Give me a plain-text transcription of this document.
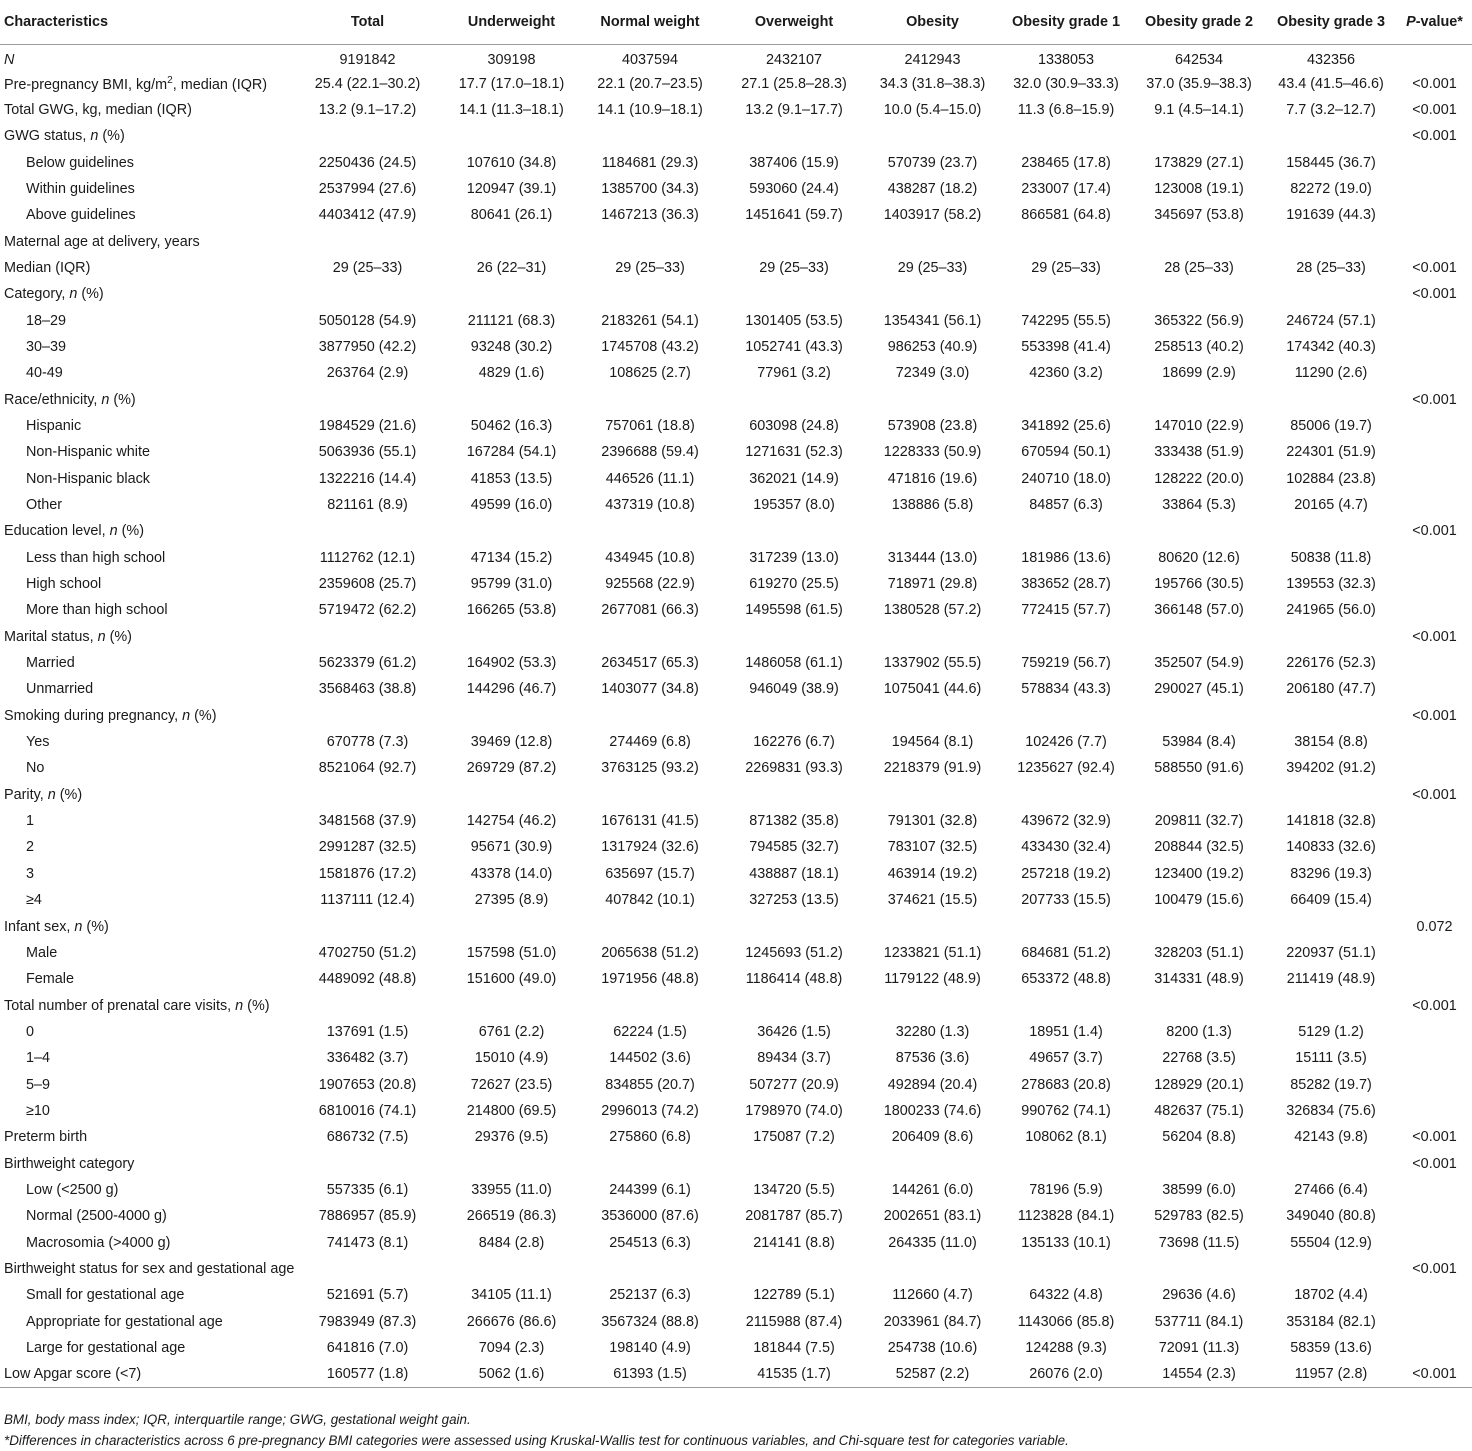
Characteristics	Total	Underweight	Normal weight	Overweight	Obesity	Obesity grade 1	Obesity grade 2	Obesity grade 3	P-value*
N	9191842	309198	4037594	2432107	2412943	1338053	642534	432356	
Pre-pregnancy BMI, $kg/m^2$, median (IQR)	25.4 (22.1–30.2)	17.7 (17.0–18.1)	22.1 (20.7–23.5)	27.1 (25.8–28.3)	34.3 (31.8–38.3)	32.0 (30.9–33.3)	37.0 (35.9–38.3)	43.4 (41.5–46.6)	<0.001
Total GWG, kg, median (IQR)	13.2 (9.1–17.2)	14.1 (11.3–18.1)	14.1 (10.9–18.1)	13.2 (9.1–17.7)	10.0 (5.4–15.0)	11.3 (6.8–15.9)	9.1 (4.5–14.1)	7.7 (3.2–12.7)	<0.001
GWG status, n (%)									<0.001
Below guidelines	2250436 (24.5)	107610 (34.8)	1184681 (29.3)	387406 (15.9)	570739 (23.7)	238465 (17.8)	173829 (27.1)	158445 (36.7)	
Within guidelines	2537994 (27.6)	120947 (39.1)	1385700 (34.3)	593060 (24.4)	438287 (18.2)	233007 (17.4)	123008 (19.1)	82272 (19.0)	
Above guidelines	4403412 (47.9)	80641 (26.1)	1467213 (36.3)	1451641 (59.7)	1403917 (58.2)	866581 (64.8)	345697 (53.8)	191639 (44.3)	
Maternal age at delivery, years									
Median (IQR)	29 (25–33)	26 (22–31)	29 (25–33)	29 (25–33)	29 (25–33)	29 (25–33)	28 (25–33)	28 (25–33)	<0.001
Category, n (%)									<0.001
18–29	5050128 (54.9)	211121 (68.3)	2183261 (54.1)	1301405 (53.5)	1354341 (56.1)	742295 (55.5)	365322 (56.9)	246724 (57.1)	
30–39	3877950 (42.2)	93248 (30.2)	1745708 (43.2)	1052741 (43.3)	986253 (40.9)	553398 (41.4)	258513 (40.2)	174342 (40.3)	
40-49	263764 (2.9)	4829 (1.6)	108625 (2.7)	77961 (3.2)	72349 (3.0)	42360 (3.2)	18699 (2.9)	11290 (2.6)	
Race/ethnicity, n (%)									<0.001
Hispanic	1984529 (21.6)	50462 (16.3)	757061 (18.8)	603098 (24.8)	573908 (23.8)	341892 (25.6)	147010 (22.9)	85006 (19.7)	
Non-Hispanic white	5063936 (55.1)	167284 (54.1)	2396688 (59.4)	1271631 (52.3)	1228333 (50.9)	670594 (50.1)	333438 (51.9)	224301 (51.9)	
Non-Hispanic black	1322216 (14.4)	41853 (13.5)	446526 (11.1)	362021 (14.9)	471816 (19.6)	240710 (18.0)	128222 (20.0)	102884 (23.8)	
Other	821161 (8.9)	49599 (16.0)	437319 (10.8)	195357 (8.0)	138886 (5.8)	84857 (6.3)	33864 (5.3)	20165 (4.7)	
Education level, n (%)									<0.001
Less than high school	1112762 (12.1)	47134 (15.2)	434945 (10.8)	317239 (13.0)	313444 (13.0)	181986 (13.6)	80620 (12.6)	50838 (11.8)	
High school	2359608 (25.7)	95799 (31.0)	925568 (22.9)	619270 (25.5)	718971 (29.8)	383652 (28.7)	195766 (30.5)	139553 (32.3)	
More than high school	5719472 (62.2)	166265 (53.8)	2677081 (66.3)	1495598 (61.5)	1380528 (57.2)	772415 (57.7)	366148 (57.0)	241965 (56.0)	
Marital status, n (%)									<0.001
Married	5623379 (61.2)	164902 (53.3)	2634517 (65.3)	1486058 (61.1)	1337902 (55.5)	759219 (56.7)	352507 (54.9)	226176 (52.3)	
Unmarried	3568463 (38.8)	144296 (46.7)	1403077 (34.8)	946049 (38.9)	1075041 (44.6)	578834 (43.3)	290027 (45.1)	206180 (47.7)	
Smoking during pregnancy, n (%)									<0.001
Yes	670778 (7.3)	39469 (12.8)	274469 (6.8)	162276 (6.7)	194564 (8.1)	102426 (7.7)	53984 (8.4)	38154 (8.8)	
No	8521064 (92.7)	269729 (87.2)	3763125 (93.2)	2269831 (93.3)	2218379 (91.9)	1235627 (92.4)	588550 (91.6)	394202 (91.2)	
Parity, n (%)									<0.001
1	3481568 (37.9)	142754 (46.2)	1676131 (41.5)	871382 (35.8)	791301 (32.8)	439672 (32.9)	209811 (32.7)	141818 (32.8)	
2	2991287 (32.5)	95671 (30.9)	1317924 (32.6)	794585 (32.7)	783107 (32.5)	433430 (32.4)	208844 (32.5)	140833 (32.6)	
3	1581876 (17.2)	43378 (14.0)	635697 (15.7)	438887 (18.1)	463914 (19.2)	257218 (19.2)	123400 (19.2)	83296 (19.3)	
≥4	1137111 (12.4)	27395 (8.9)	407842 (10.1)	327253 (13.5)	374621 (15.5)	207733 (15.5)	100479 (15.6)	66409 (15.4)	
Infant sex, n (%)									0.072
Male	4702750 (51.2)	157598 (51.0)	2065638 (51.2)	1245693 (51.2)	1233821 (51.1)	684681 (51.2)	328203 (51.1)	220937 (51.1)	
Female	4489092 (48.8)	151600 (49.0)	1971956 (48.8)	1186414 (48.8)	1179122 (48.9)	653372 (48.8)	314331 (48.9)	211419 (48.9)	
Total number of prenatal care visits, n (%)									<0.001
0	137691 (1.5)	6761 (2.2)	62224 (1.5)	36426 (1.5)	32280 (1.3)	18951 (1.4)	8200 (1.3)	5129 (1.2)	
1–4	336482 (3.7)	15010 (4.9)	144502 (3.6)	89434 (3.7)	87536 (3.6)	49657 (3.7)	22768 (3.5)	15111 (3.5)	
5–9	1907653 (20.8)	72627 (23.5)	834855 (20.7)	507277 (20.9)	492894 (20.4)	278683 (20.8)	128929 (20.1)	85282 (19.7)	
≥10	6810016 (74.1)	214800 (69.5)	2996013 (74.2)	1798970 (74.0)	1800233 (74.6)	990762 (74.1)	482637 (75.1)	326834 (75.6)	
Preterm birth	686732 (7.5)	29376 (9.5)	275860 (6.8)	175087 (7.2)	206409 (8.6)	108062 (8.1)	56204 (8.8)	42143 (9.8)	<0.001
Birthweight category									<0.001
Low (<2500 g)	557335 (6.1)	33955 (11.0)	244399 (6.1)	134720 (5.5)	144261 (6.0)	78196 (5.9)	38599 (6.0)	27466 (6.4)	
Normal (2500-4000 g)	7886957 (85.9)	266519 (86.3)	3536000 (87.6)	2081787 (85.7)	2002651 (83.1)	1123828 (84.1)	529783 (82.5)	349040 (80.8)	
Macrosomia (>4000 g)	741473 (8.1)	8484 (2.8)	254513 (6.3)	214141 (8.8)	264335 (11.0)	135133 (10.1)	73698 (11.5)	55504 (12.9)	
Birthweight status for sex and gestational age									<0.001
Small for gestational age	521691 (5.7)	34105 (11.1)	252137 (6.3)	122789 (5.1)	112660 (4.7)	64322 (4.8)	29636 (4.6)	18702 (4.4)	
Appropriate for gestational age	7983949 (87.3)	266676 (86.6)	3567324 (88.8)	2115988 (87.4)	2033961 (84.7)	1143066 (85.8)	537711 (84.1)	353184 (82.1)	
Large for gestational age	641816 (7.0)	7094 (2.3)	198140 (4.9)	181844 (7.5)	254738 (10.6)	124288 (9.3)	72091 (11.3)	58359 (13.6)	
Low Apgar score (<7)	160577 (1.8)	5062 (1.6)	61393 (1.5)	41535 (1.7)	52587 (2.2)	26076 (2.0)	14554 (2.3)	11957 (2.8)	<0.001
BMI, body mass index; IQR, interquartile range; GWG, gestational weight gain.
*Differences in characteristics across 6 pre-pregnancy BMI categories were assessed using Kruskal-Wallis test for continuous variables, and Chi-square test for categories variable.
